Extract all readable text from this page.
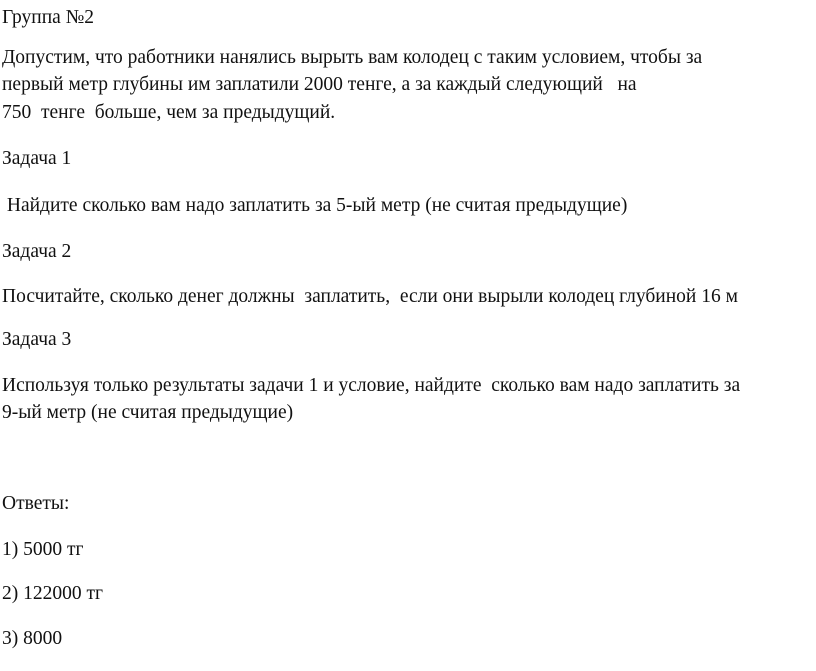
Группа №2
Допустим, что работники нанялись вырыть вам колодец с таким условием, чтобы за
первый метр глубины им заплатили 2000 тенге, а за каждый следующий   на
750  тенге  больше, чем за предыдущий.
Задача 1
Найдите сколько вам надо заплатить за 5-ый метр (не считая предыдущие)
Задача 2
Посчитайте, сколько денег должны  заплатить,  если они вырыли колодец глубиной 16 м
Задача 3
Используя только результаты задачи 1 и условие, найдите  сколько вам надо заплатить за
9-ый метр (не считая предыдущие)
Ответы:
1) 5000 тг
2) 122000 тг
3) 8000
